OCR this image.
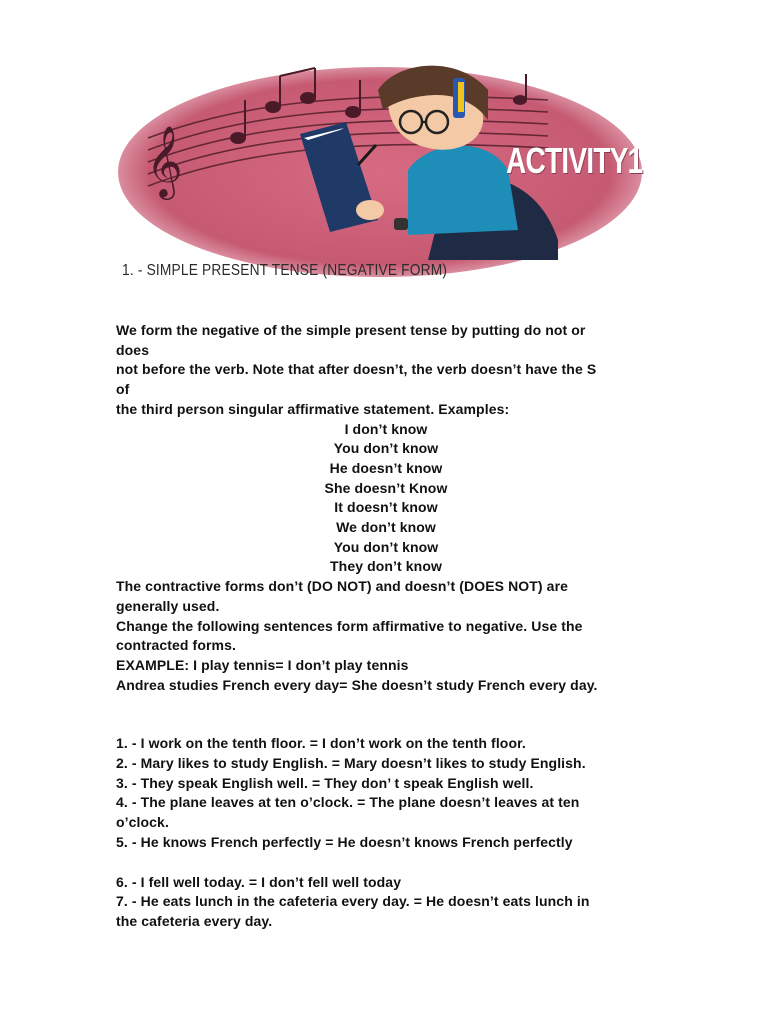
𝄞	ACTIVITY1
1. - SIMPLE PRESENT TENSE (NEGATIVE FORM)

We form the negative of the simple present tense by putting do not or

does

not before the verb. Note that after doesn’t, the verb doesn’t have the S

of

the third person singular affirmative statement. Examples:

I don’t know

You don’t know

He doesn’t know

She doesn’t Know

It doesn’t know

We don’t know

You don’t know

They don’t know

The contractive forms don’t (DO NOT) and doesn’t (DOES NOT) are

generally used.

Change the following sentences form affirmative to negative. Use the

contracted forms.

EXAMPLE: I play tennis= I don’t play tennis

Andrea studies French every day= She doesn’t study French every day.

1. - I work on the tenth floor. = I don’t work on the tenth floor.

2. - Mary likes to study English. = Mary doesn’t likes to study English.

3. - They speak English well. = They don’ t speak English well.

4. - The plane leaves at ten o’clock. = The plane doesn’t leaves at ten

o’clock.

5. - He knows French perfectly = He doesn’t knows French perfectly

6. - I fell well today. = I don’t fell well today

7. - He eats lunch in the cafeteria every day. = He doesn’t eats lunch in

the cafeteria every day.
